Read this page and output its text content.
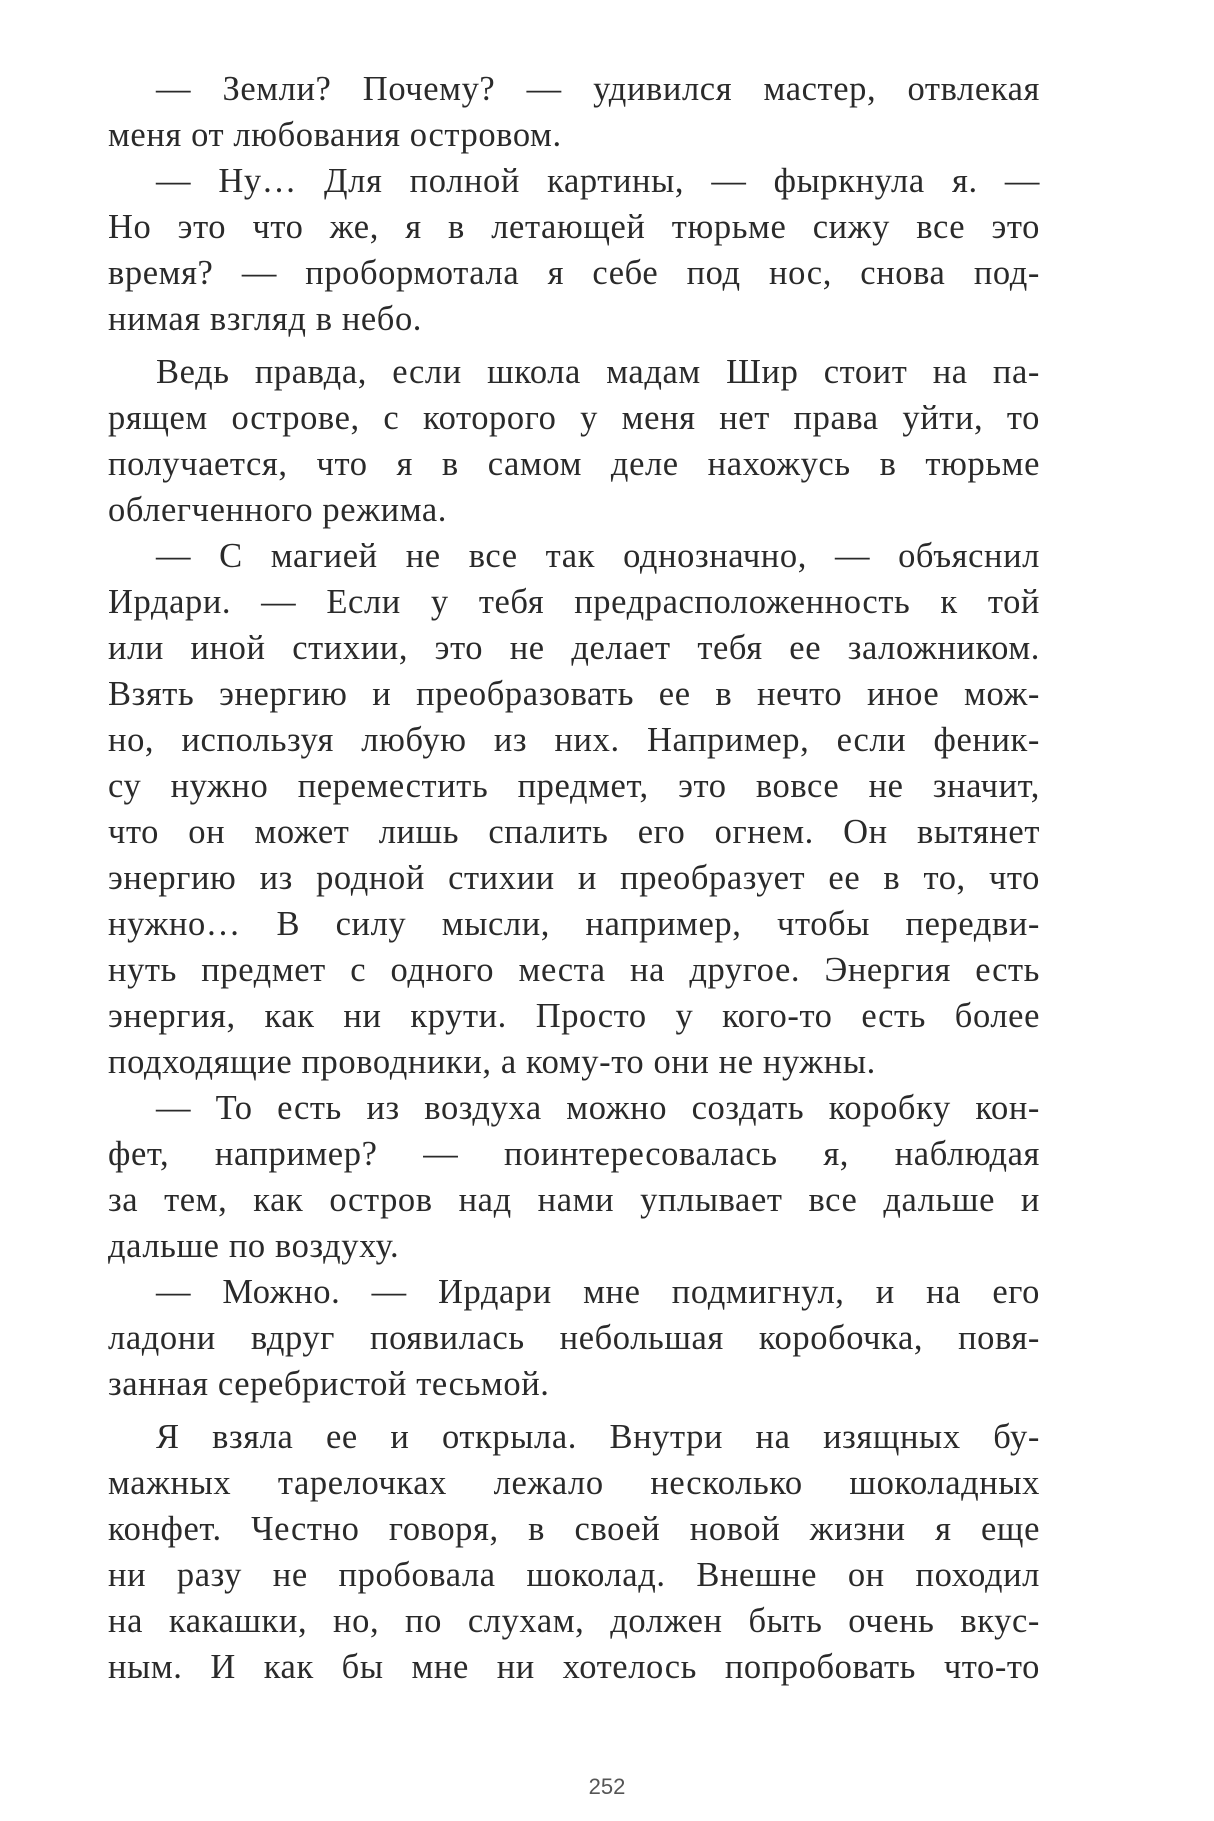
— Земли? Почему? — удивился мастер, отвлекая
меня от любования островом.
— Ну… Для полной картины, — фыркнула я. —
Но это что же, я в летающей тюрьме сижу все это
время? — пробормотала я себе под нос, снова под-
нимая взгляд в небо.
Ведь правда, если школа мадам Шир стоит на па-
рящем острове, с которого у меня нет права уйти, то
получается, что я в самом деле нахожусь в тюрьме
облегченного режима.
— С магией не все так однозначно, — объяснил
Ирдари. — Если у тебя предрасположенность к той
или иной стихии, это не делает тебя ее заложником.
Взять энергию и преобразовать ее в нечто иное мож-
но, используя любую из них. Например, если феник-
су нужно переместить предмет, это вовсе не значит,
что он может лишь спалить его огнем. Он вытянет
энергию из родной стихии и преобразует ее в то, что
нужно… В силу мысли, например, чтобы передви-
нуть предмет с одного места на другое. Энергия есть
энергия, как ни крути. Просто у кого-то есть более
подходящие проводники, а кому-то они не нужны.
— То есть из воздуха можно создать коробку кон-
фет, например? — поинтересовалась я, наблюдая
за тем, как остров над нами уплывает все дальше и
дальше по воздуху.
— Можно. — Ирдари мне подмигнул, и на его
ладони вдруг появилась небольшая коробочка, повя-
занная серебристой тесьмой.
Я взяла ее и открыла. Внутри на изящных бу-
мажных тарелочках лежало несколько шоколадных
конфет. Честно говоря, в своей новой жизни я еще
ни разу не пробовала шоколад. Внешне он походил
на какашки, но, по слухам, должен быть очень вкус-
ным. И как бы мне ни хотелось попробовать что-то
252
